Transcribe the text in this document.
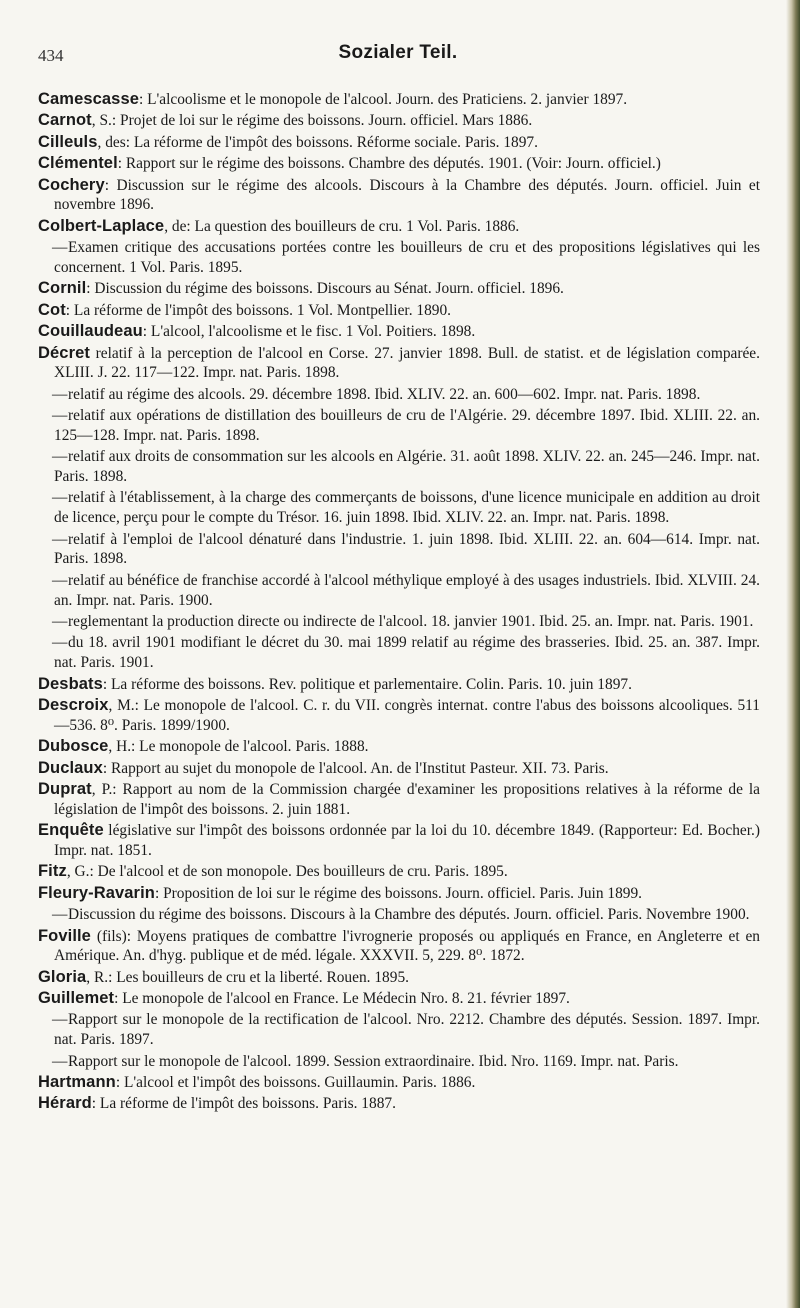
434	Sozialer Teil.

Camescasse: L'alcoolisme et le monopole de l'alcool. Journ. des Praticiens. 2. janvier 1897.

Carnot, S.: Projet de loi sur le régime des boissons. Journ. officiel. Mars 1886.

Cilleuls, des: La réforme de l'impôt des boissons. Réforme sociale. Paris. 1897.

Clémentel: Rapport sur le régime des boissons. Chambre des députés. 1901. (Voir: Journ. officiel.)

Cochery: Discussion sur le régime des alcools. Discours à la Chambre des députés. Journ. officiel. Juin et novembre 1896.

Colbert-Laplace, de: La question des bouilleurs de cru. 1 Vol. Paris. 1886.

—Examen critique des accusations portées contre les bouilleurs de cru et des propositions législatives qui les concernent. 1 Vol. Paris. 1895.

Cornil: Discussion du régime des boissons. Discours au Sénat. Journ. officiel. 1896.

Cot: La réforme de l'impôt des boissons. 1 Vol. Montpellier. 1890.

Couillaudeau: L'alcool, l'alcoolisme et le fisc. 1 Vol. Poitiers. 1898.

Décret relatif à la perception de l'alcool en Corse. 27. janvier 1898. Bull. de statist. et de législation comparée. XLIII. J. 22. 117—122. Impr. nat. Paris. 1898.

—relatif au régime des alcools. 29. décembre 1898. Ibid. XLIV. 22. an. 600—602. Impr. nat. Paris. 1898.

—relatif aux opérations de distillation des bouilleurs de cru de l'Algérie. 29. décembre 1897. Ibid. XLIII. 22. an. 125—128. Impr. nat. Paris. 1898.

—relatif aux droits de consommation sur les alcools en Algérie. 31. août 1898. XLIV. 22. an. 245—246. Impr. nat. Paris. 1898.

—relatif à l'établissement, à la charge des commerçants de boissons, d'une licence municipale en addition au droit de licence, perçu pour le compte du Trésor. 16. juin 1898. Ibid. XLIV. 22. an. Impr. nat. Paris. 1898.

—relatif à l'emploi de l'alcool dénaturé dans l'industrie. 1. juin 1898. Ibid. XLIII. 22. an. 604—614. Impr. nat. Paris. 1898.

—relatif au bénéfice de franchise accordé à l'alcool méthylique employé à des usages industriels. Ibid. XLVIII. 24. an. Impr. nat. Paris. 1900.

—reglementant la production directe ou indirecte de l'alcool. 18. janvier 1901. Ibid. 25. an. Impr. nat. Paris. 1901.

—du 18. avril 1901 modifiant le décret du 30. mai 1899 relatif au régime des brasseries. Ibid. 25. an. 387. Impr. nat. Paris. 1901.

Desbats: La réforme des boissons. Rev. politique et parlementaire. Colin. Paris. 10. juin 1897.

Descroix, M.: Le monopole de l'alcool. C. r. du VII. congrès internat. contre l'abus des boissons alcooliques. 511—536. 8⁰. Paris. 1899/1900.

Dubosce, H.: Le monopole de l'alcool. Paris. 1888.

Duclaux: Rapport au sujet du monopole de l'alcool. An. de l'Institut Pasteur. XII. 73. Paris.

Duprat, P.: Rapport au nom de la Commission chargée d'examiner les propositions relatives à la réforme de la législation de l'impôt des boissons. 2. juin 1881.

Enquête législative sur l'impôt des boissons ordonnée par la loi du 10. décembre 1849. (Rapporteur: Ed. Bocher.) Impr. nat. 1851.

Fitz, G.: De l'alcool et de son monopole. Des bouilleurs de cru. Paris. 1895.

Fleury-Ravarin: Proposition de loi sur le régime des boissons. Journ. officiel. Paris. Juin 1899.

—Discussion du régime des boissons. Discours à la Chambre des députés. Journ. officiel. Paris. Novembre 1900.

Foville (fils): Moyens pratiques de combattre l'ivrognerie proposés ou appliqués en France, en Angleterre et en Amérique. An. d'hyg. publique et de méd. légale. XXXVII. 5, 229. 8⁰. 1872.

Gloria, R.: Les bouilleurs de cru et la liberté. Rouen. 1895.

Guillemet: Le monopole de l'alcool en France. Le Médecin Nro. 8. 21. février 1897.

—Rapport sur le monopole de la rectification de l'alcool. Nro. 2212. Chambre des députés. Session. 1897. Impr. nat. Paris. 1897.

—Rapport sur le monopole de l'alcool. 1899. Session extraordinaire. Ibid. Nro. 1169. Impr. nat. Paris.

Hartmann: L'alcool et l'impôt des boissons. Guillaumin. Paris. 1886.

Hérard: La réforme de l'impôt des boissons. Paris. 1887.
